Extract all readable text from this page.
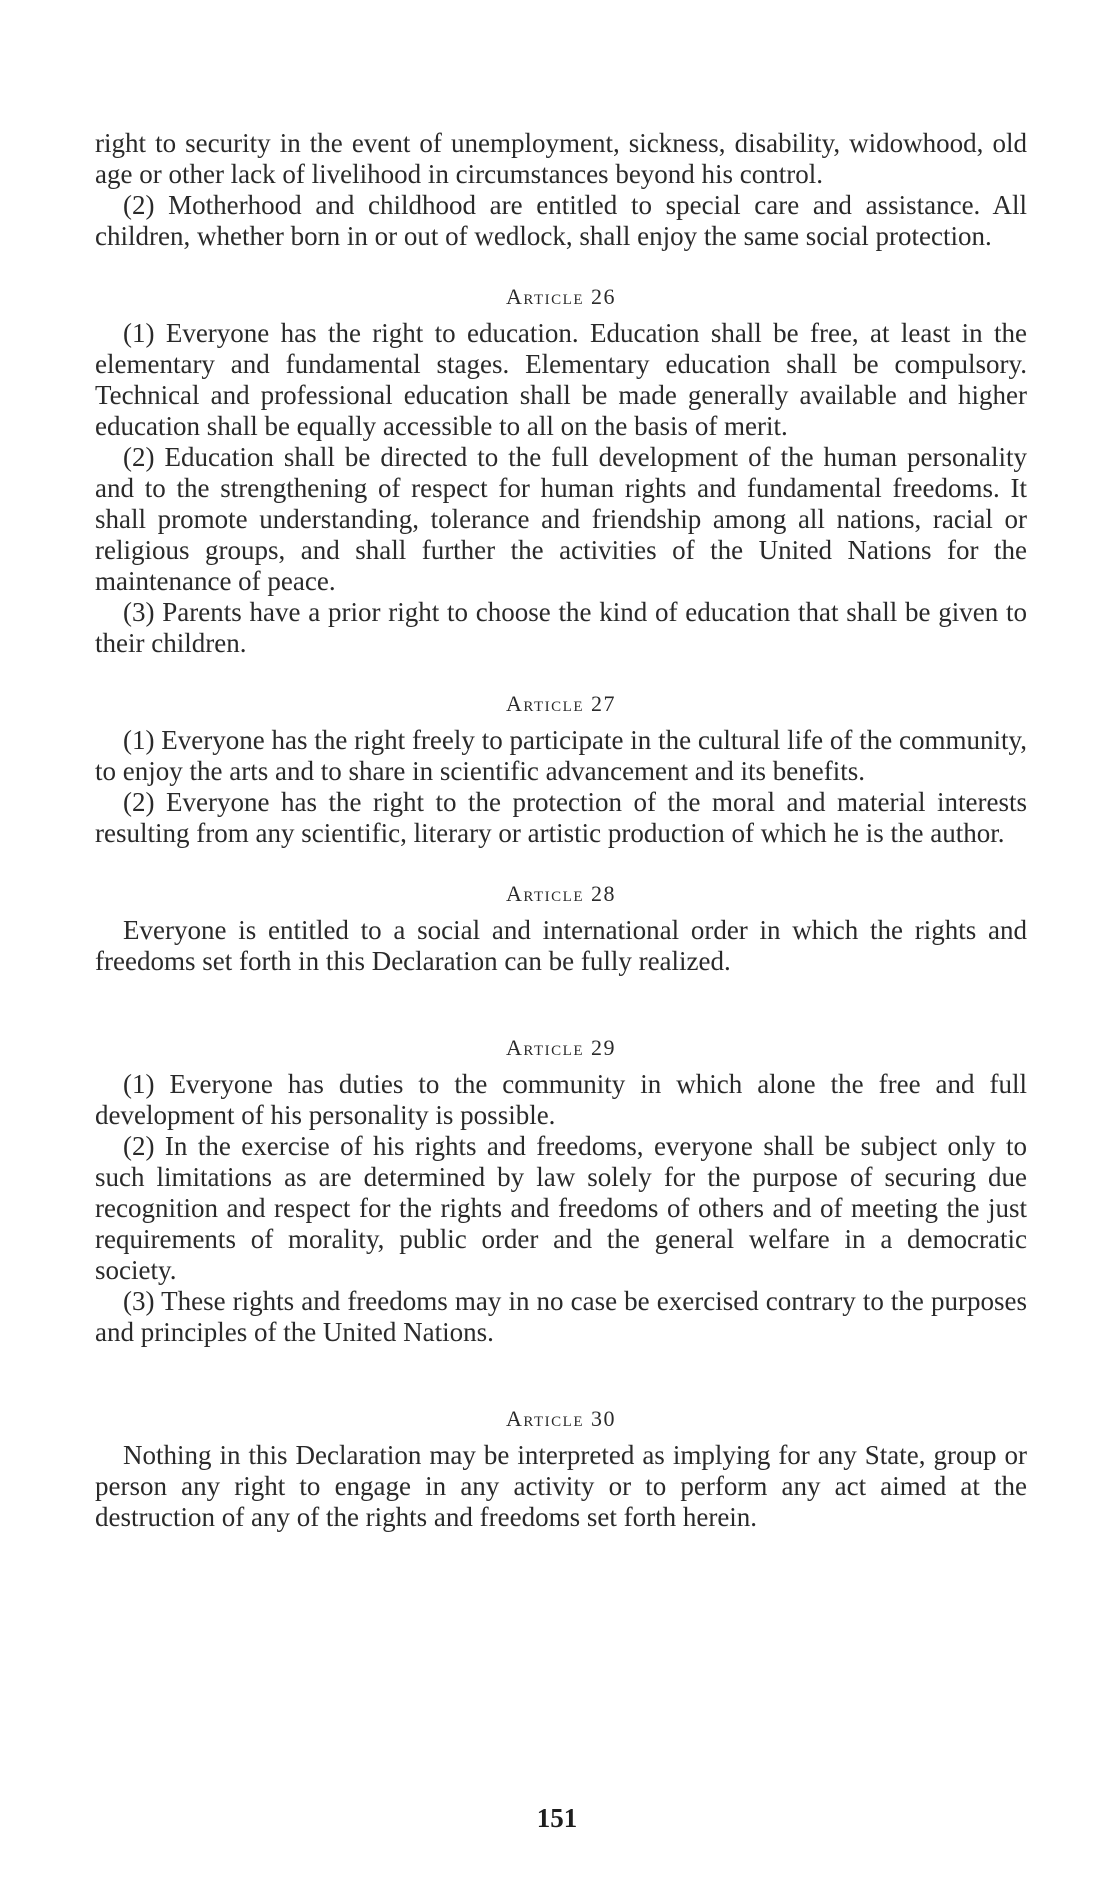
right to security in the event of unemployment, sickness, disability, widowhood, old age or other lack of livelihood in circumstances beyond his control.

(2) Motherhood and childhood are entitled to special care and assistance. All children, whether born in or out of wedlock, shall enjoy the same social protection.

Article 26

(1) Everyone has the right to education. Education shall be free, at least in the elementary and fundamental stages. Elementary education shall be compulsory. Technical and professional education shall be made generally available and higher education shall be equally accessible to all on the basis of merit.

(2) Education shall be directed to the full development of the human personality and to the strengthening of respect for human rights and fundamental freedoms. It shall promote understanding, tolerance and friendship among all nations, racial or religious groups, and shall further the activities of the United Nations for the maintenance of peace.

(3) Parents have a prior right to choose the kind of education that shall be given to their children.

Article 27

(1) Everyone has the right freely to participate in the cultural life of the community, to enjoy the arts and to share in scientific advancement and its benefits.

(2) Everyone has the right to the protection of the moral and material interests resulting from any scientific, literary or artistic production of which he is the author.

Article 28

Everyone is entitled to a social and international order in which the rights and freedoms set forth in this Declaration can be fully realized.

Article 29

(1) Everyone has duties to the community in which alone the free and full development of his personality is possible.

(2) In the exercise of his rights and freedoms, everyone shall be subject only to such limitations as are determined by law solely for the purpose of securing due recognition and respect for the rights and freedoms of others and of meeting the just requirements of morality, public order and the general welfare in a democratic society.

(3) These rights and freedoms may in no case be exercised contrary to the purposes and principles of the United Nations.

Article 30

Nothing in this Declaration may be interpreted as implying for any State, group or person any right to engage in any activity or to perform any act aimed at the destruction of any of the rights and freedoms set forth herein.

151
